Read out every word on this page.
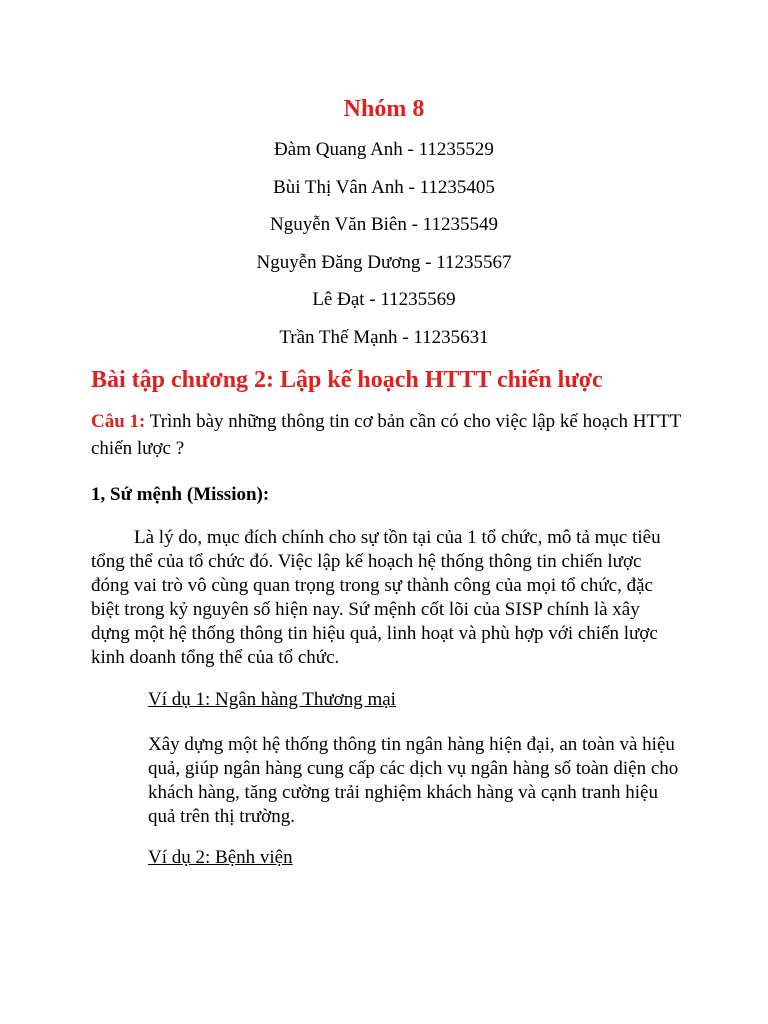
Nhóm 8
Đàm Quang Anh - 11235529
Bùi Thị Vân Anh - 11235405
Nguyễn Văn Biên - 11235549
Nguyễn Đăng Dương - 11235567
Lê Đạt - 11235569
Trần Thế Mạnh - 11235631
Bài tập chương 2: Lập kế hoạch HTTT chiến lược
Câu 1: Trình bày những thông tin cơ bản cần có cho việc lập kế hoạch HTTT chiến lược ?
1, Sứ mệnh (Mission):

Là lý do, mục đích chính cho sự tồn tại của 1 tổ chức, mô tả mục tiêu tổng thể của tổ chức đó. Việc lập kế hoạch hệ thống thông tin chiến lược đóng vai trò vô cùng quan trọng trong sự thành công của mọi tổ chức, đặc biệt trong kỷ nguyên số hiện nay. Sứ mệnh cốt lõi của SISP chính là xây dựng một hệ thống thông tin hiệu quả, linh hoạt và phù hợp với chiến lược kinh doanh tổng thể của tổ chức.

Ví dụ 1: Ngân hàng Thương mại

Xây dựng một hệ thống thông tin ngân hàng hiện đại, an toàn và hiệu quả, giúp ngân hàng cung cấp các dịch vụ ngân hàng số toàn diện cho khách hàng, tăng cường trải nghiệm khách hàng và cạnh tranh hiệu quả trên thị trường.

Ví dụ 2: Bệnh viện
